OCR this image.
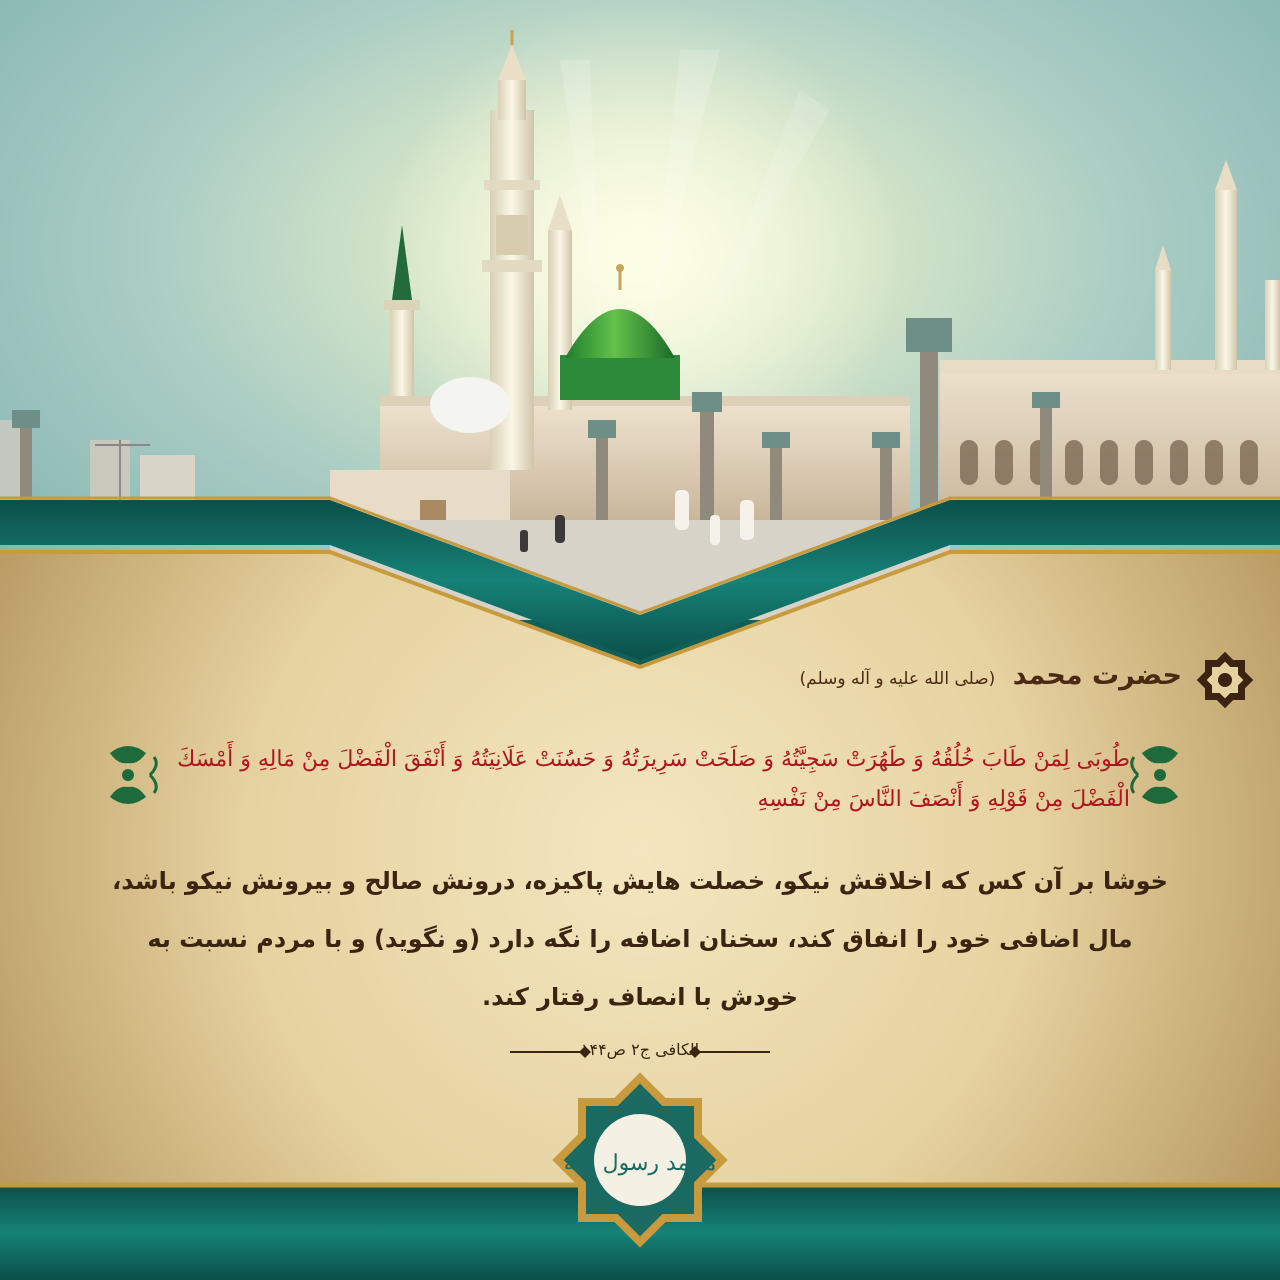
محمد رسول الله
حضرت محمد (صلی الله علیه و آله وسلم)
طُوبَى لِمَنْ طَابَ خُلُقُهُ وَ طَهُرَتْ سَجِيَّتُهُ وَ صَلَحَتْ سَرِيرَتُهُ وَ حَسُنَتْ عَلَانِيَتُهُ وَ أَنْفَقَ الْفَضْلَ مِنْ مَالِهِ وَ أَمْسَكَ الْفَضْلَ مِنْ قَوْلِهِ وَ أَنْصَفَ النَّاسَ مِنْ نَفْسِهِ
خوشا بر آن کس که اخلاقش نیکو، خصلت هایش پاکیزه، درونش صالح و بیرونش نیکو باشد، مال اضافی خود را انفاق کند، سخنان اضافه را نگه دارد (و نگوید) و با مردم نسبت به خودش با انصاف رفتار کند.
الکافی ج۲ ص۱۴۴
